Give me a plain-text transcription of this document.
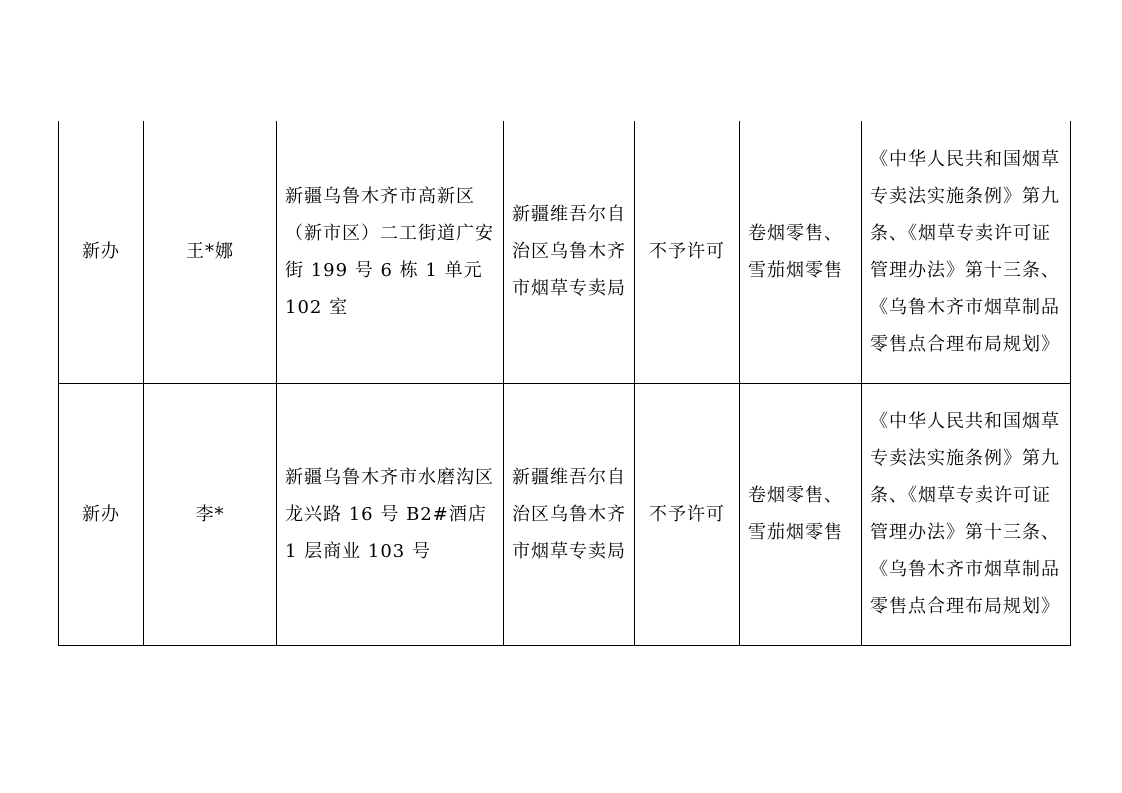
新办	王*娜	新疆乌鲁木齐市高新区（新市区）二工街道广安街 199 号 6 栋 1 单元 102 室	新疆维吾尔自治区乌鲁木齐市烟草专卖局	不予许可	卷烟零售、雪茄烟零售	《中华人民共和国烟草专卖法实施条例》第九条、《烟草专卖许可证管理办法》第十三条、《乌鲁木齐市烟草制品零售点合理布局规划》
新办	李*	新疆乌鲁木齐市水磨沟区龙兴路 16 号 B2#酒店 1 层商业 103 号	新疆维吾尔自治区乌鲁木齐市烟草专卖局	不予许可	卷烟零售、雪茄烟零售	《中华人民共和国烟草专卖法实施条例》第九条、《烟草专卖许可证管理办法》第十三条、《乌鲁木齐市烟草制品零售点合理布局规划》
